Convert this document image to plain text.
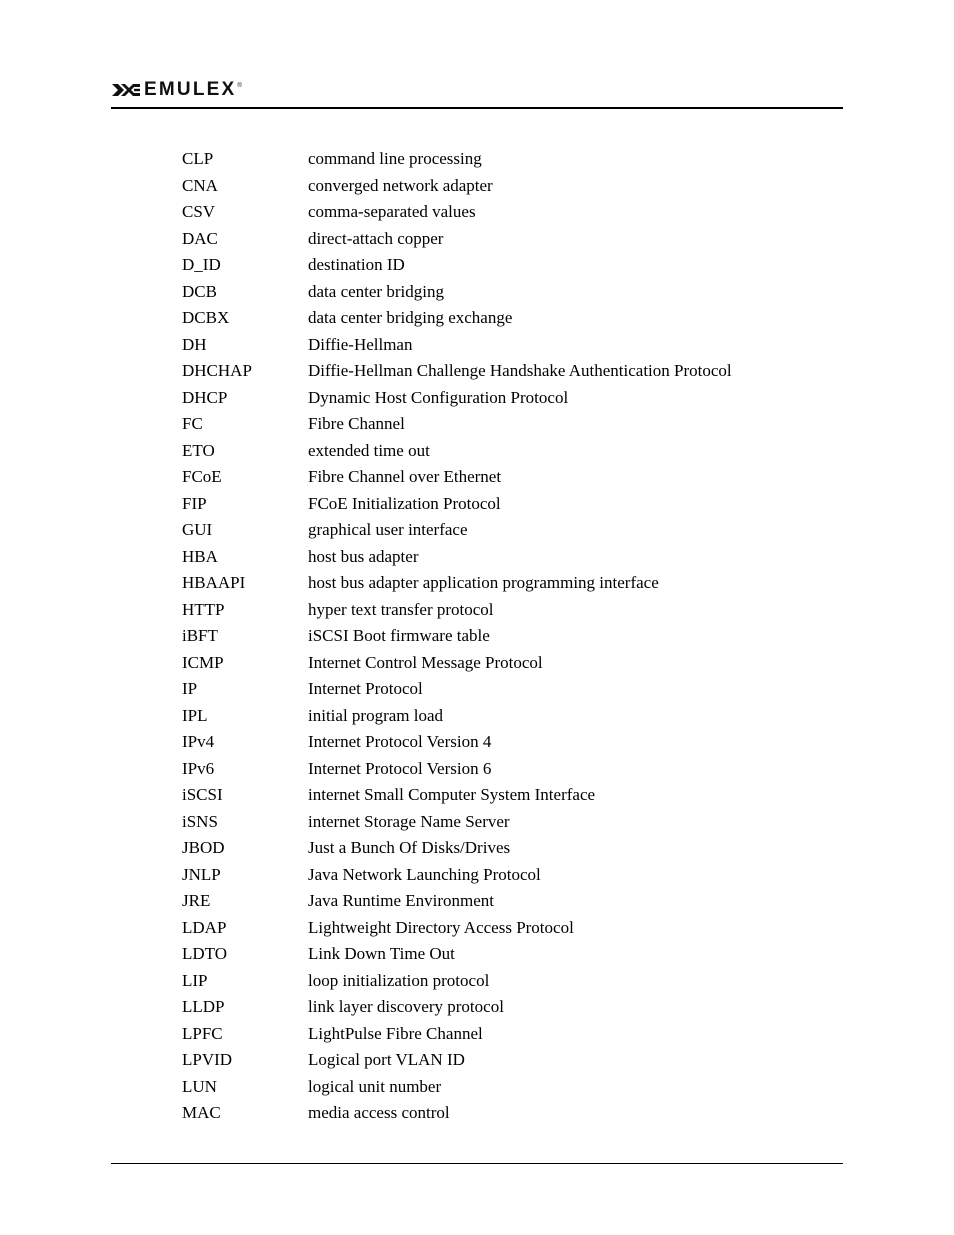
EMULEX ®
CLP	command line processing
CNA	converged network adapter
CSV	comma-separated values
DAC	direct-attach copper
D_ID	destination ID
DCB	data center bridging
DCBX	data center bridging exchange
DH	Diffie-Hellman
DHCHAP	Diffie-Hellman Challenge Handshake Authentication Protocol
DHCP	Dynamic Host Configuration Protocol
FC	Fibre Channel
ETO	extended time out
FCoE	Fibre Channel over Ethernet
FIP	FCoE Initialization Protocol
GUI	graphical user interface
HBA	host bus adapter
HBAAPI	host bus adapter application programming interface
HTTP	hyper text transfer protocol
iBFT	iSCSI Boot firmware table
ICMP	Internet Control Message Protocol
IP	Internet Protocol
IPL	initial program load
IPv4	Internet Protocol Version 4
IPv6	Internet Protocol Version 6
iSCSI	internet Small Computer System Interface
iSNS	internet Storage Name Server
JBOD	Just a Bunch Of Disks/Drives
JNLP	Java Network Launching Protocol
JRE	Java Runtime Environment
LDAP	Lightweight Directory Access Protocol
LDTO	Link Down Time Out
LIP	loop initialization protocol
LLDP	link layer discovery protocol
LPFC	LightPulse Fibre Channel
LPVID	Logical port VLAN ID
LUN	logical unit number
MAC	media access control
